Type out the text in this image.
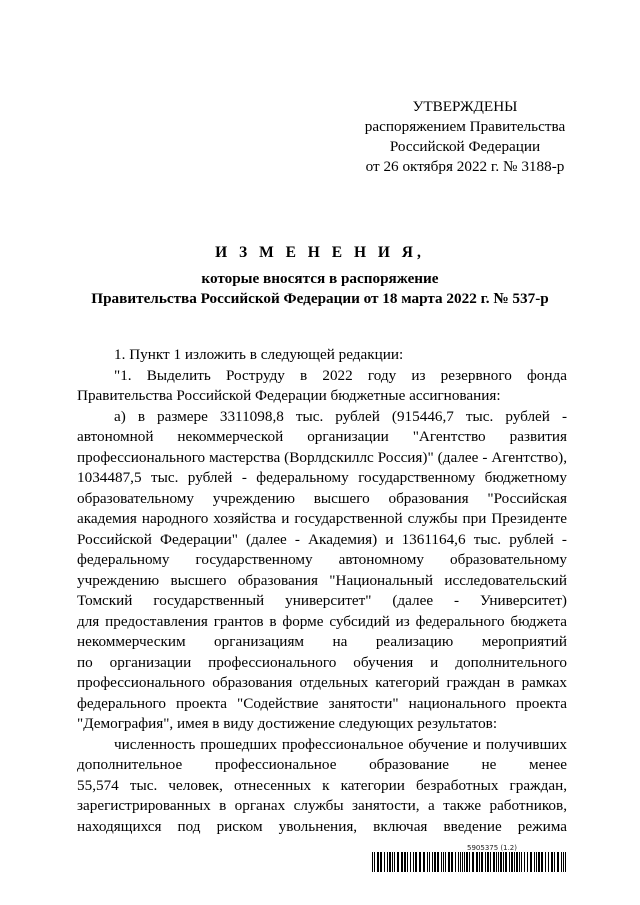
УТВЕРЖДЕНЫ
распоряжением Правительства
Российской Федерации
от 26 октября 2022 г. № 3188-р
И З М Е Н Е Н И Я,
которые вносятся в распоряжение
Правительства Российской Федерации от 18 марта 2022 г. № 537-р
1. Пункт 1 изложить в следующей редакции:
"1. Выделить Роструду в 2022 году из резервного фонда
Правительства Российской Федерации бюджетные ассигнования:
а) в размере 3311098,8 тыс. рублей (915446,7 тыс. рублей -
автономной некоммерческой организации "Агентство развития
профессионального мастерства (Ворлдскиллс Россия)" (далее - Агентство),
1034487,5 тыс. рублей - федеральному государственному бюджетному
образовательному учреждению высшего образования "Российская
академия народного хозяйства и государственной службы при Президенте
Российской Федерации" (далее - Академия) и 1361164,6 тыс. рублей -
федеральному государственному автономному образовательному
учреждению высшего образования "Национальный исследовательский
Томский государственный университет" (далее - Университет)
для предоставления грантов в форме субсидий из федерального бюджета
некоммерческим организациям на реализацию мероприятий
по организации профессионального обучения и дополнительного
профессионального образования отдельных категорий граждан в рамках
федерального проекта "Содействие занятости" национального проекта
"Демография", имея в виду достижение следующих результатов:
численность прошедших профессиональное обучение и получивших
дополнительное профессиональное образование не менее
55,574 тыс. человек, отнесенных к категории безработных граждан,
зарегистрированных в органах службы занятости, а также работников,
находящихся под риском увольнения, включая введение режима
5905375 (1.2)
